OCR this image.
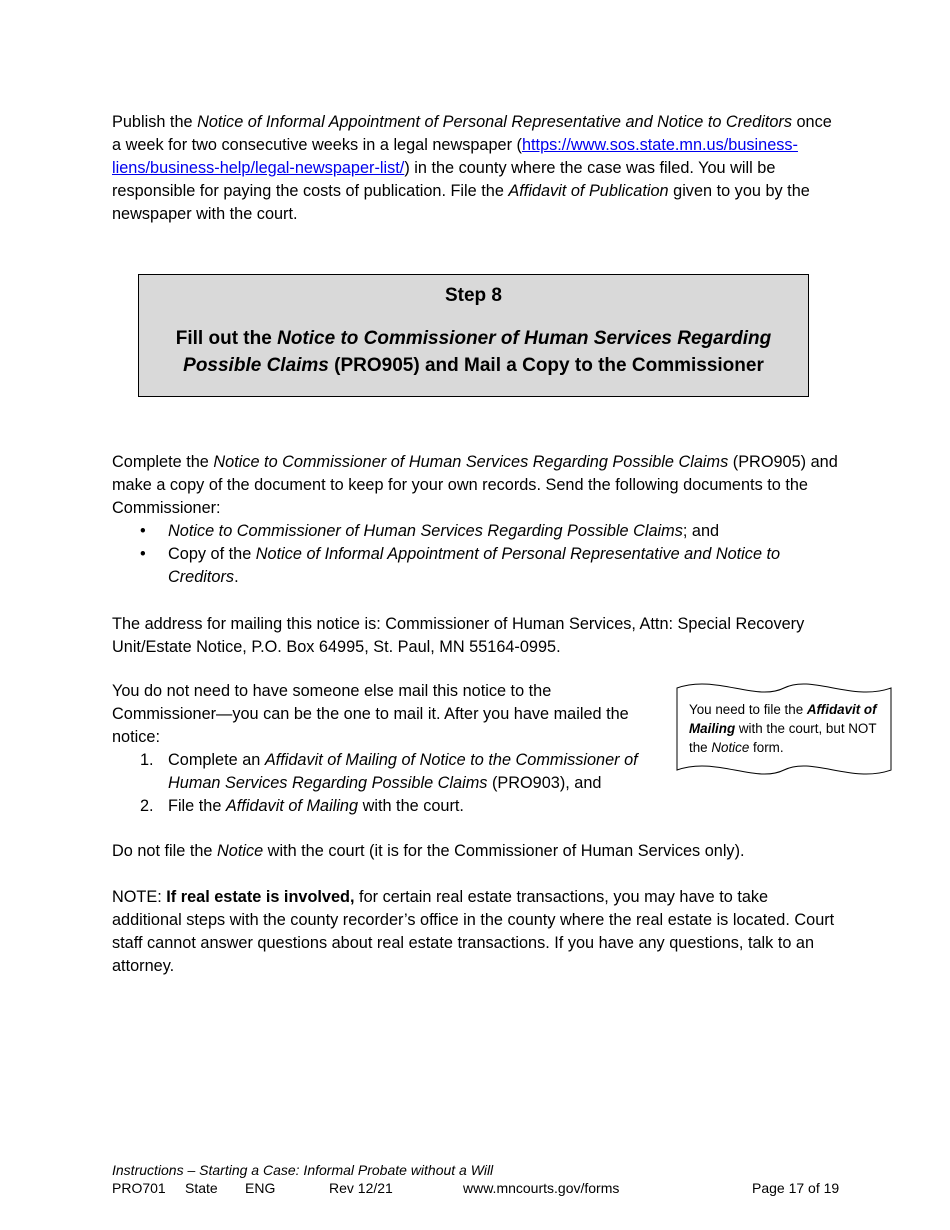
Publish the Notice of Informal Appointment of Personal Representative and Notice to Creditors once a week for two consecutive weeks in a legal newspaper (https://www.sos.state.mn.us/business-liens/business-help/legal-newspaper-list/) in the county where the case was filed. You will be responsible for paying the costs of publication. File the Affidavit of Publication given to you by the newspaper with the court.
Step 8
Fill out the Notice to Commissioner of Human Services Regarding Possible Claims (PRO905) and Mail a Copy to the Commissioner
Complete the Notice to Commissioner of Human Services Regarding Possible Claims (PRO905) and make a copy of the document to keep for your own records. Send the following documents to the Commissioner:
• Notice to Commissioner of Human Services Regarding Possible Claims; and
• Copy of the Notice of Informal Appointment of Personal Representative and Notice to Creditors.
The address for mailing this notice is: Commissioner of Human Services, Attn: Special Recovery Unit/Estate Notice, P.O. Box 64995, St. Paul, MN 55164-0995.
You do not need to have someone else mail this notice to the Commissioner—you can be the one to mail it. After you have mailed the notice:
1. Complete an Affidavit of Mailing of Notice to the Commissioner of Human Services Regarding Possible Claims (PRO903), and
2. File the Affidavit of Mailing with the court.
You need to file the Affidavit of Mailing with the court, but NOT the Notice form.
Do not file the Notice with the court (it is for the Commissioner of Human Services only).
NOTE: If real estate is involved, for certain real estate transactions, you may have to take additional steps with the county recorder’s office in the county where the real estate is located. Court staff cannot answer questions about real estate transactions. If you have any questions, talk to an attorney.
Instructions – Starting a Case: Informal Probate without a Will
PRO701 State ENG	Rev 12/21	www.mncourts.gov/forms	Page 17 of 19
